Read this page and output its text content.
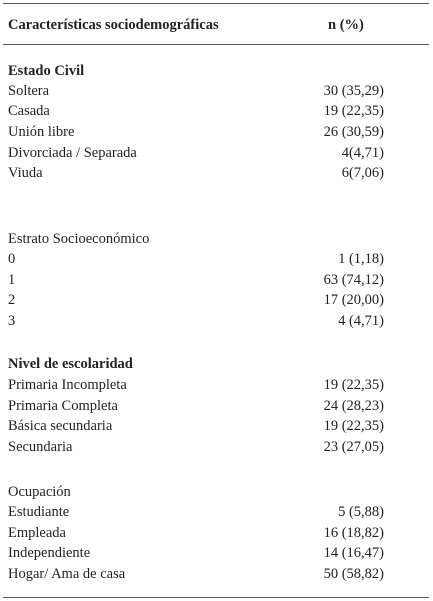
Características sociodemográficas	n (%)
Estado Civil
Soltera	30 (35,29)
Casada	19 (22,35)
Unión libre	26 (30,59)
Divorciada / Separada	4(4,71)
Viuda	6(7,06)
Estrato Socioeconómico
0	1 (1,18)
1	63 (74,12)
2	17 (20,00)
3	4 (4,71)
Nivel de escolaridad
Primaria Incompleta	19 (22,35)
Primaria Completa	24 (28,23)
Básica secundaria	19 (22,35)
Secundaria	23 (27,05)
Ocupación
Estudiante	5 (5,88)
Empleada	16 (18,82)
Independiente	14 (16,47)
Hogar/ Ama de casa	50 (58,82)
